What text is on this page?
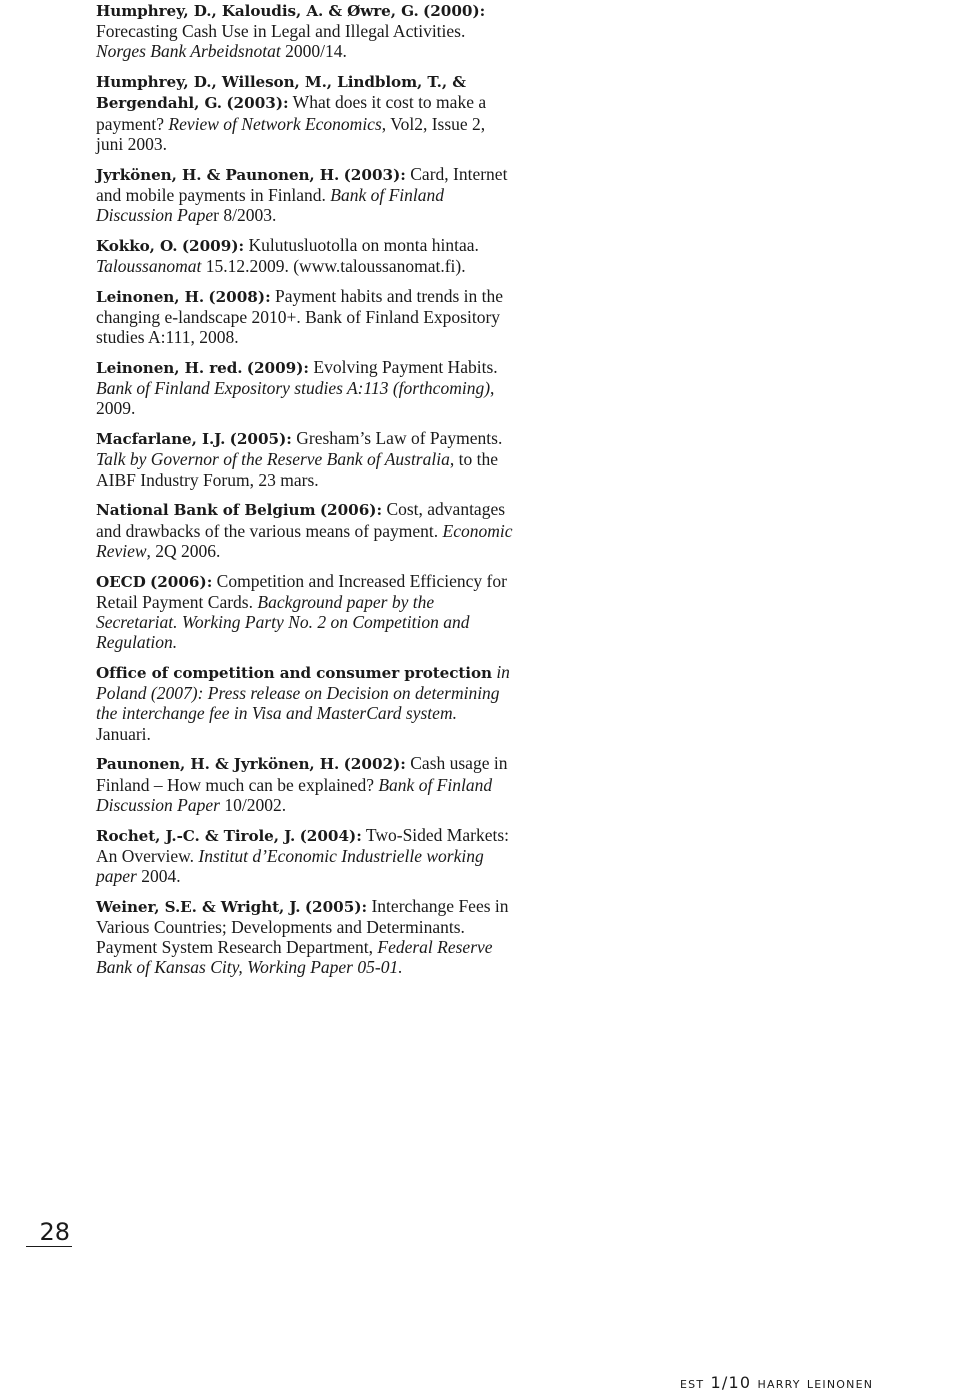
Humphrey, D., Kaloudis, A. & Øwre, G. (2000): Forecasting Cash Use in Legal and Illegal Activities. Norges Bank Arbeidsnotat 2000/14.

Humphrey, D., Willeson, M., Lindblom, T., & Bergendahl, G. (2003): What does it cost to make a payment? Review of Network Economics, Vol2, Issue 2, juni 2003.

Jyrkönen, H. & Paunonen, H. (2003): Card, Internet and mobile payments in Finland. Bank of Finland Discussion Paper 8/2003.

Kokko, O. (2009): Kulutusluotolla on monta hintaa. Taloussanomat 15.12.2009. (www.taloussanomat.fi).

Leinonen, H. (2008): Payment habits and trends in the changing e-landscape 2010+. Bank of Finland Expository studies A:111, 2008.

Leinonen, H. red. (2009): Evolving Payment Habits. Bank of Finland Expository studies A:113 (forthcoming), 2009.

Macfarlane, I.J. (2005): Gresham’s Law of Payments. Talk by Governor of the Reserve Bank of Australia, to the AIBF Industry Forum, 23 mars.

National Bank of Belgium (2006): Cost, advantages and drawbacks of the various means of payment. Economic Review, 2Q 2006.

OECD (2006): Competition and Increased Efficiency for Retail Payment Cards. Background paper by the Secretariat. Working Party No. 2 on Competition and Regulation.

Office of competition and consumer protection in Poland (2007): Press release on Decision on determining the interchange fee in Visa and MasterCard system. Januari.

Paunonen, H. & Jyrkönen, H. (2002): Cash usage in Finland – How much can be explained? Bank of Finland Discussion Paper 10/2002.

Rochet, J.-C. & Tirole, J. (2004): Two-Sided Markets: An Overview. Institut d’Economic Industrielle working paper 2004.

Weiner, S.E. & Wright, J. (2005): Interchange Fees in Various Countries; Developments and Determinants. Payment System Research Department, Federal Reserve Bank of Kansas City, Working Paper 05-01.

28
est 1/10 harry leinonen
